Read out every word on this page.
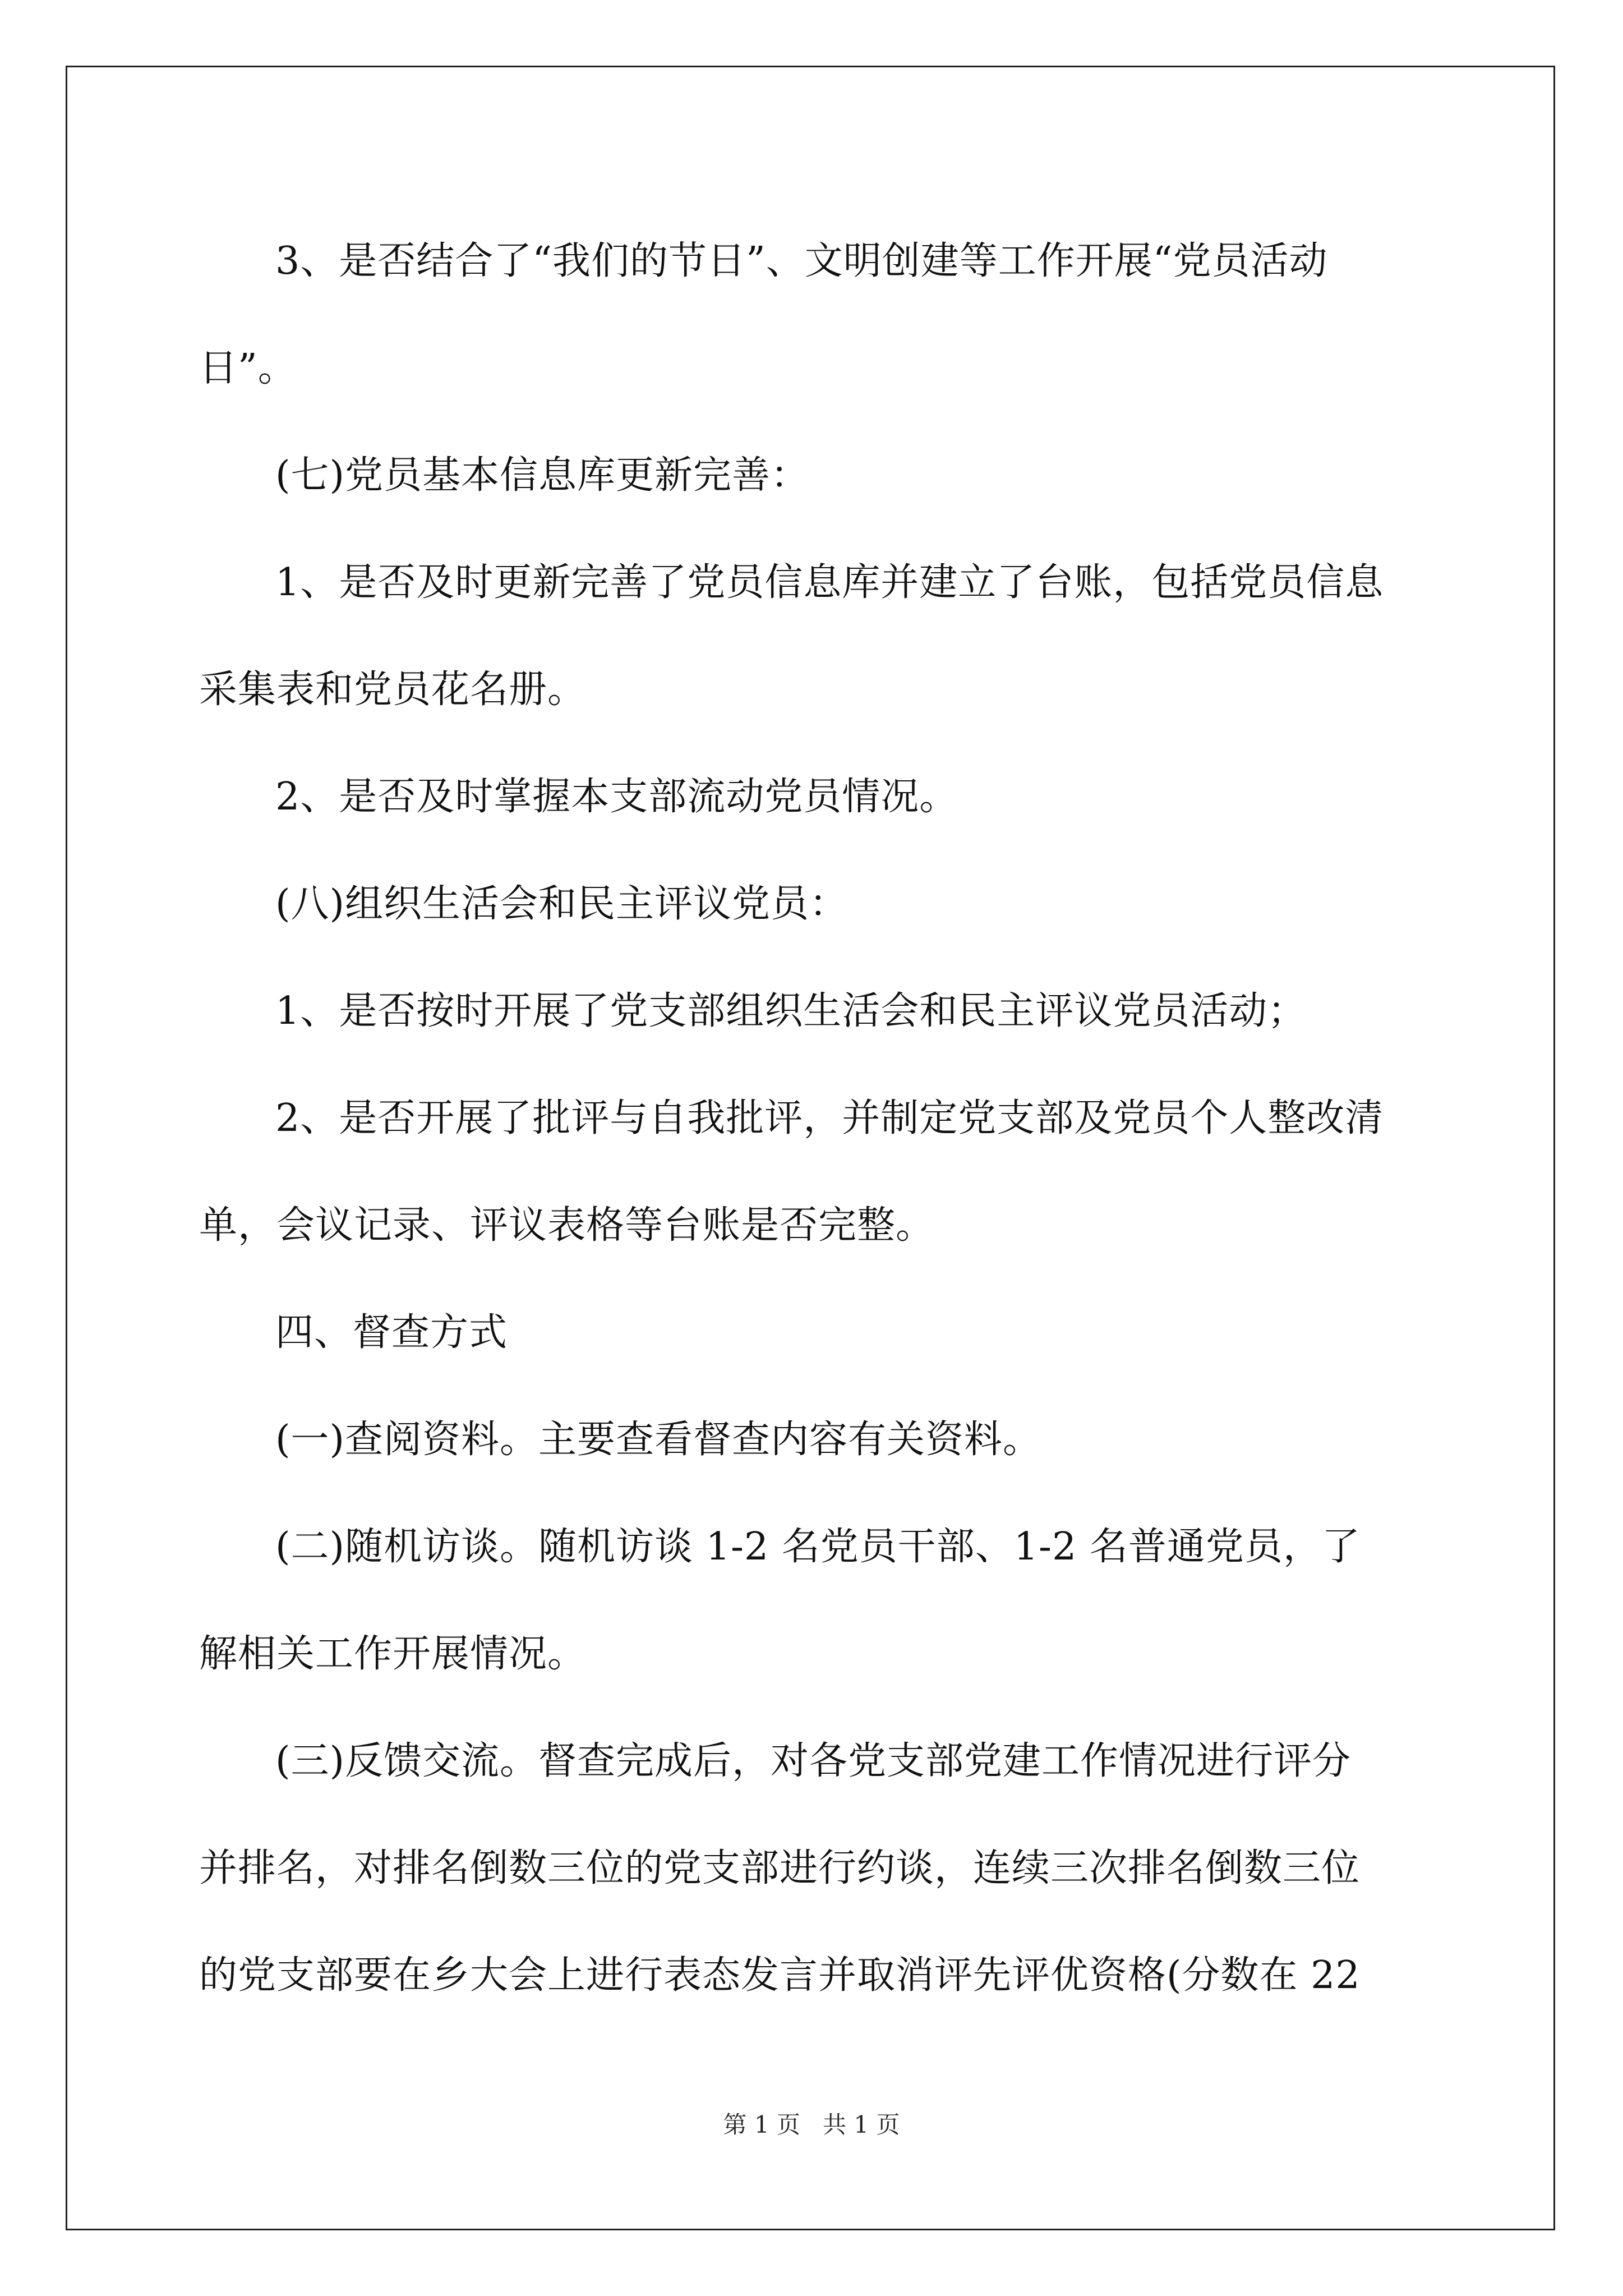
3、是否结合了“我们的节日”、文明创建等工作开展“党员活动

日”。

(七)党员基本信息库更新完善：

1、是否及时更新完善了党员信息库并建立了台账，包括党员信息

采集表和党员花名册。

2、是否及时掌握本支部流动党员情况。

(八)组织生活会和民主评议党员：

1、是否按时开展了党支部组织生活会和民主评议党员活动；

2、是否开展了批评与自我批评，并制定党支部及党员个人整改清

单，会议记录、评议表格等台账是否完整。

四、督查方式

(一)查阅资料。主要查看督查内容有关资料。

(二)随机访谈。随机访谈 1-2 名党员干部、1-2 名普通党员，了

解相关工作开展情况。

(三)反馈交流。督查完成后，对各党支部党建工作情况进行评分

并排名，对排名倒数三位的党支部进行约谈，连续三次排名倒数三位

的党支部要在乡大会上进行表态发言并取消评先评优资格(分数在 22

第 1 页   共 1 页
